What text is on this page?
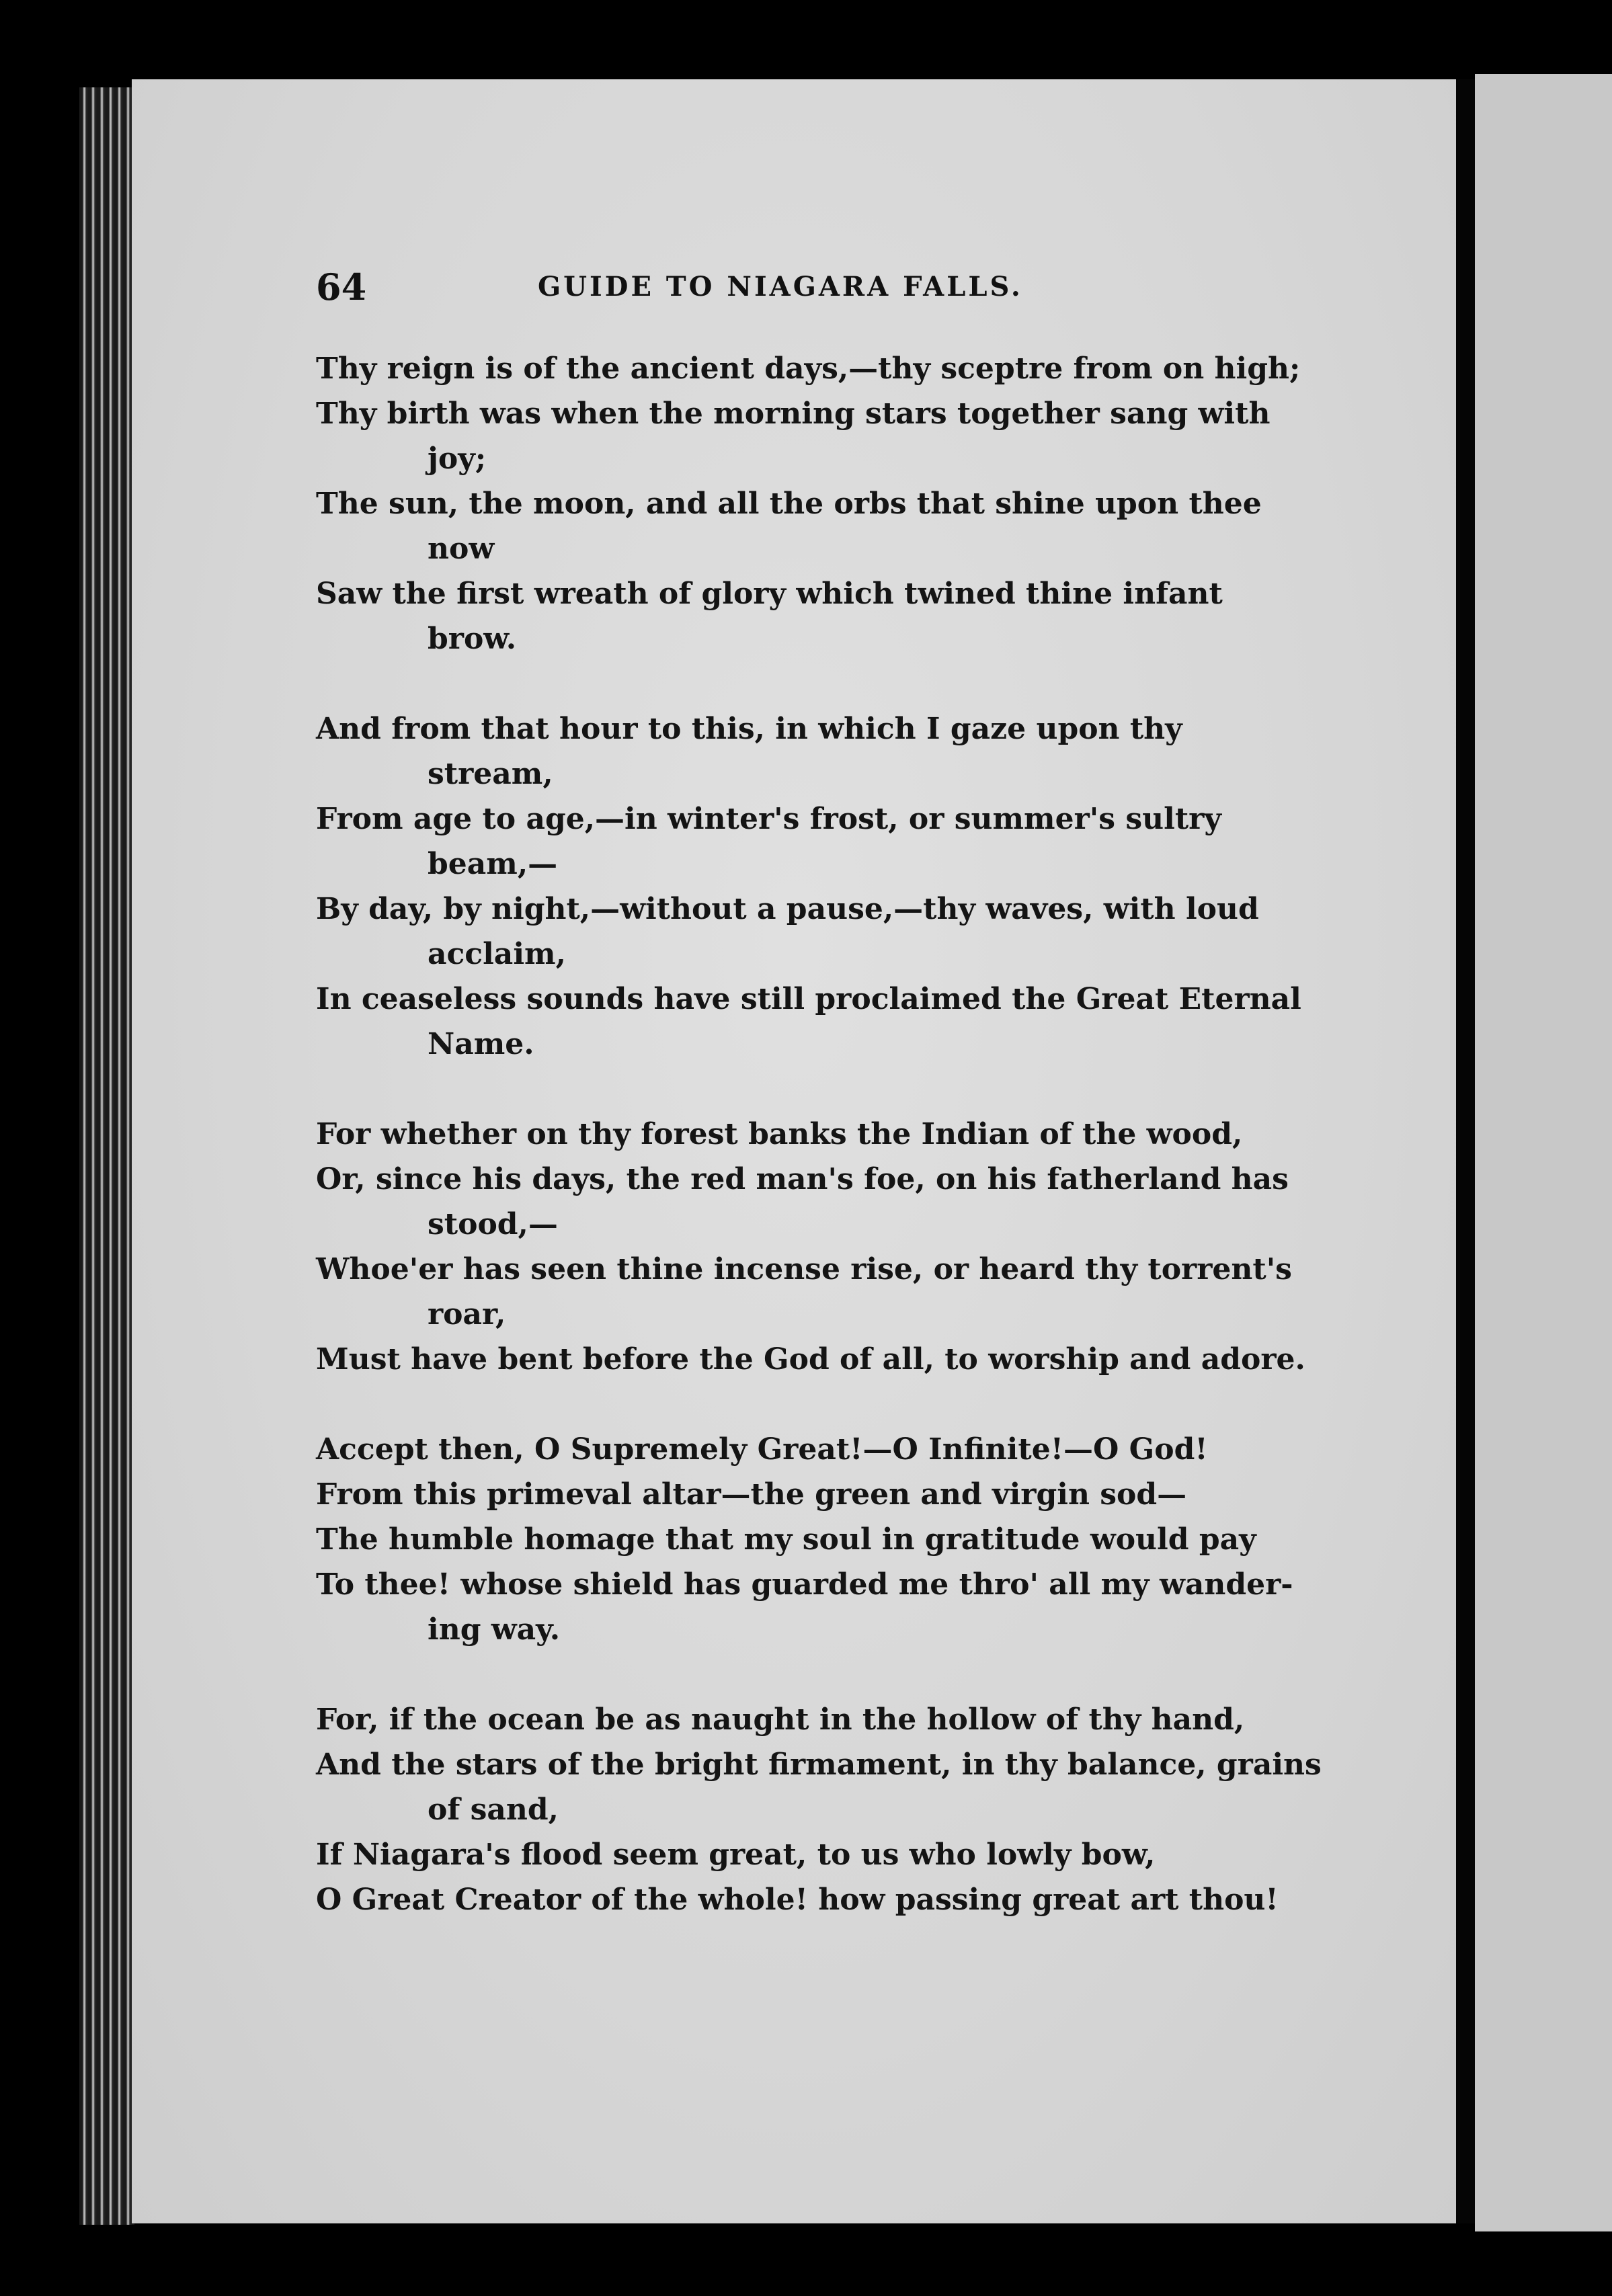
64	GUIDE TO NIAGARA FALLS.
Thy reign is of the ancient days,—thy sceptre from on high;
Thy birth was when the morning stars together sang with
joy;
The sun, the moon, and all the orbs that shine upon thee
now
Saw the first wreath of glory which twined thine infant
brow.
And from that hour to this, in which I gaze upon thy
stream,
From age to age,—in winter's frost, or summer's sultry
beam,—
By day, by night,—without a pause,—thy waves, with loud
acclaim,
In ceaseless sounds have still proclaimed the Great Eternal
Name.
For whether on thy forest banks the Indian of the wood,
Or, since his days, the red man's foe, on his fatherland has
stood,—
Whoe'er has seen thine incense rise, or heard thy torrent's
roar,
Must have bent before the God of all, to worship and adore.
Accept then, O Supremely Great!—O Infinite!—O God!
From this primeval altar—the green and virgin sod—
The humble homage that my soul in gratitude would pay
To thee! whose shield has guarded me thro' all my wander-
ing way.
For, if the ocean be as naught in the hollow of thy hand,
And the stars of the bright firmament, in thy balance, grains
of sand,
If Niagara's flood seem great, to us who lowly bow,
O Great Creator of the whole! how passing great art thou!
